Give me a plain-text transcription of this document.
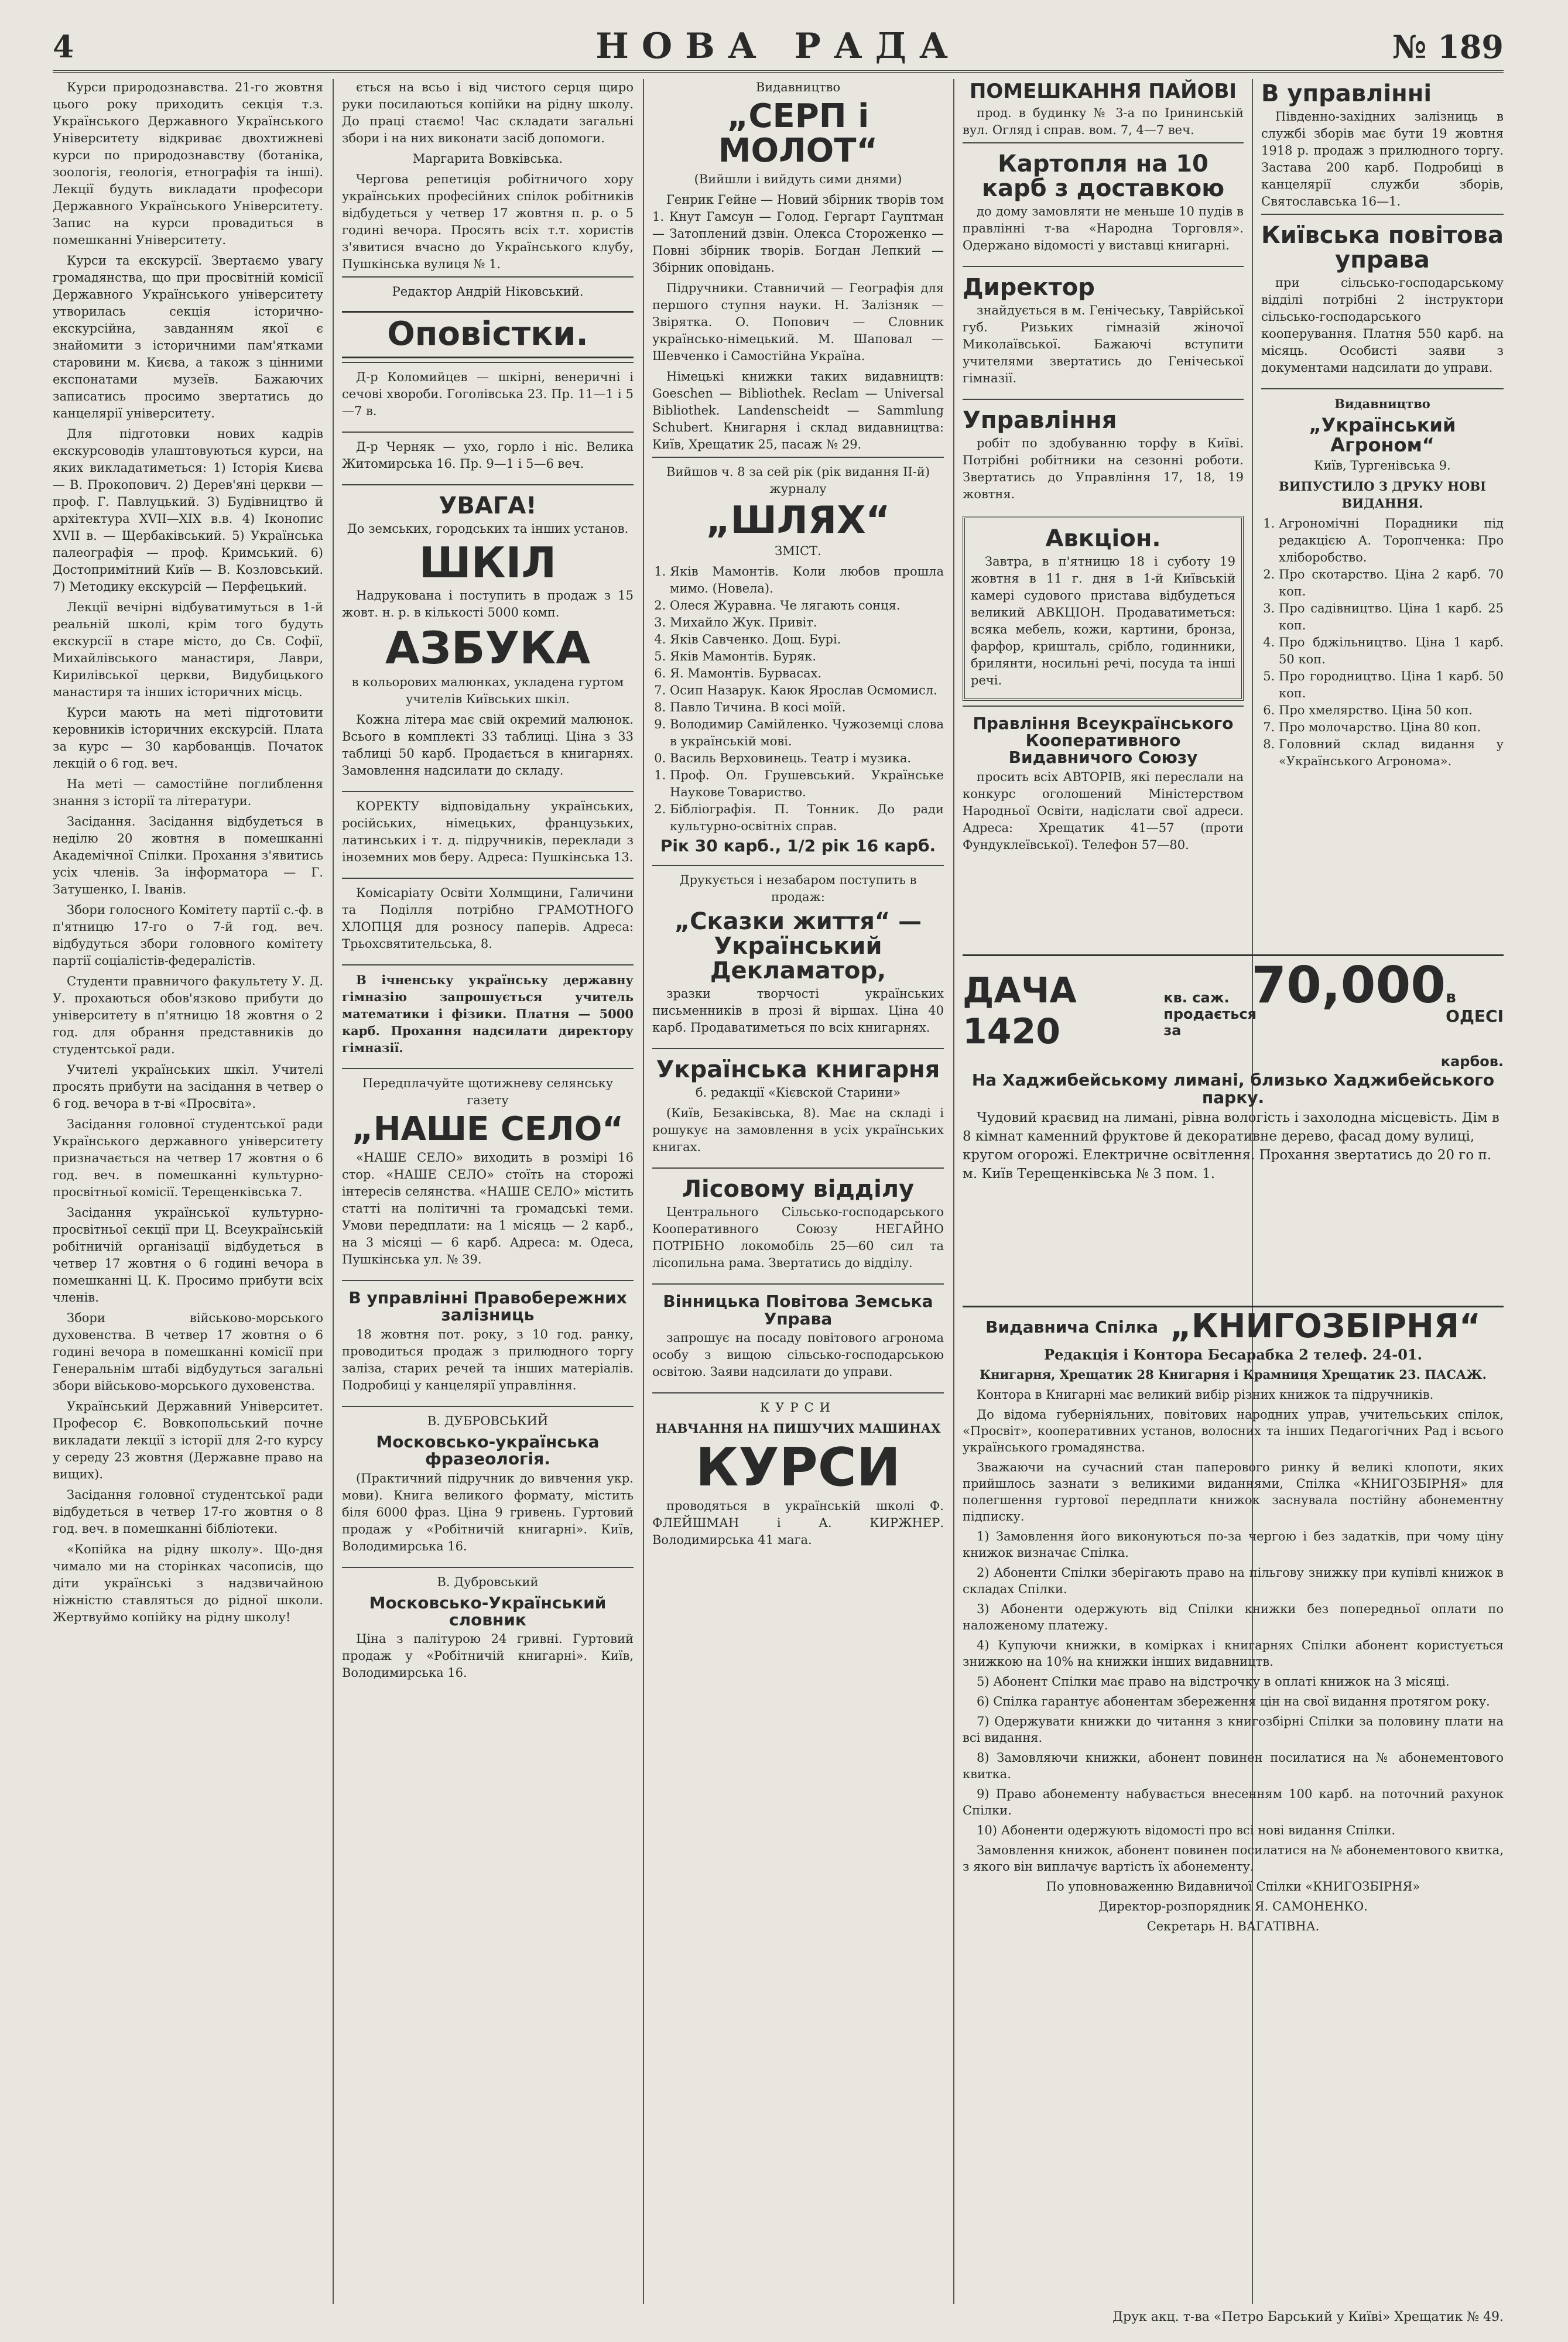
4	НОВА РАДА	№ 189

Курси природознавства. 21-го жовтня цього року приходить секція т.з. Українського Державного Українського Університету відкриває двохтижневі курси по природознавству (ботаніка, зоологія, геологія, етнографія та інші). Лекції будуть викладати професори Державного Українського Університету. Запис на курси провадиться в помешканні Університету.

Курси та екскурсії. Звертаємо увагу громадянства, що при просвітній комісії Державного Українського університету утворилась секція історично-екскурсійна, завданням якої є знайомити з історичними пам'ятками старовини м. Києва, а також з цінними експонатами музеїв. Бажаючих записатись просимо звертатись до канцелярії університету.

Для підготовки нових кадрів екскурсоводів улаштовуються курси, на яких викладатиметься: 1) Історія Києва — В. Прокопович. 2) Дерев'яні церкви — проф. Г. Павлуцький. 3) Будівництво й архітектура XVII—XIX в.в. 4) Іконопис XVII в. — Щербаківський. 5) Українська палеографія — проф. Кримський. 6) Достопримітний Київ — В. Козловський. 7) Методику екскурсій — Перфецький.

Лекції вечірні відбуватимуться в 1-й реальній школі, крім того будуть екскурсії в старе місто, до Св. Софії, Михайлівського манастиря, Лаври, Кирилівської церкви, Видубицького манастиря та інших історичних місць.

Курси мають на меті підготовити керовників історичних екскурсій. Плата за курс — 30 карбованців. Початок лекцій о 6 год. веч.

На меті — самостійне поглиблення знання з історії та літератури.

Засідання. Засідання відбудеться в неділю 20 жовтня в помешканні Академічної Спілки. Прохання з'явитись усіх членів. За інформатора — Г. Затушенко, І. Іванів.

Збори голосного Комітету партії с.-ф. в п'ятницю 17-го о 7-й год. веч. відбудуться збори головного комітету партії соціалістів-федералістів.

Студенти правничого факультету У. Д. У. прохаються обов'язково прибути до університету в п'ятницю 18 жовтня о 2 год. для обрання представників до студентської ради.

Учителі українських шкіл. Учителі просять прибути на засідання в четвер о 6 год. вечора в т-ві «Просвіта».

Засідання головної студентської ради Українського державного університету призначається на четвер 17 жовтня о 6 год. веч. в помешканні культурно-просвітньої комісії. Терещенківська 7.

Засідання української культурно-просвітньої секції при Ц. Всеукраїнській робітничій організації відбудеться в четвер 17 жовтня о 6 годині вечора в помешканні Ц. К. Просимо прибути всіх членів.

Збори військово-морського духовенства. В четвер 17 жовтня о 6 годині вечора в помешканні комісії при Генеральнім штабі відбудуться загальні збори військово-морського духовенства.

Український Державний Університет. Професор Є. Вовкопольський почне викладати лекції з історії для 2-го курсу у середу 23 жовтня (Державне право на вищих).

Засідання головної студентської ради відбудеться в четвер 17-го жовтня о 8 год. веч. в помешканні бібліотеки.

«Копійка на рідну школу». Що-дня чимало ми на сторінках часописів, що діти українські з надзвичайною ніжністю ставляться до рідної школи. Жертвуймо копійку на рідну школу!

ється на всьо і від чистого серця щиро руки посилаються копійки на рідну школу. До праці стаємо! Час складати загальні збори і на них виконати засіб допомоги.

Маргарита Вовківська.

Чергова репетиція робітничого хору українських професійних спілок робітників відбудеться у четвер 17 жовтня п. р. о 5 годині вечора. Просять всіх т.т. хористів з'явитися вчасно до Українського клубу, Пушкінська вулиця № 1.

Редактор Андрій Ніковський.

Оповістки.

Д-р Коломийцев — шкірні, венеричні і сечові хвороби. Гоголівська 23. Пр. 11—1 і 5—7 в.

Д-р Черняк — ухо, горло і ніс. Велика Житомирська 16. Пр. 9—1 і 5—6 веч.

УВАГА!

До земських, городських та інших установ.

ШКІЛ

Надрукована і поступить в продаж з 15 жовт. н. р. в кількості 5000 комп.

АЗБУКА

в кольорових малюнках, укладена гуртом учителів Київських шкіл.

Кожна літера має свій окремий малюнок. Всього в комплекті 33 таблиці. Ціна з 33 таблиці 50 карб. Продається в книгарнях. Замовлення надсилати до складу.

КОРЕКТУ відповідальну українських, російських, німецьких, французьких, латинських і т. д. підручників, переклади з іноземних мов беру. Адреса: Пушкінська 13.

Комісаріату Освіти Холмщини, Галичини та Поділля потрібно ГРАМОТНОГО ХЛОПЦЯ для розносу паперів. Адреса: Трьохсвятительська, 8.

В ічненську українську державну гімназію запрошується учитель математики і фізики. Платня — 5000 карб. Прохання надсилати директору гімназії.

Передплачуйте щотижневу селянську газету

„НАШЕ СЕЛО“

«НАШЕ СЕЛО» виходить в розмірі 16 стор. «НАШЕ СЕЛО» стоїть на сторожі інтересів селянства. «НАШЕ СЕЛО» містить статті на політичні та громадські теми. Умови передплати: на 1 місяць — 2 карб., на 3 місяці — 6 карб. Адреса: м. Одеса, Пушкінська ул. № 39.

В управлінні Правобережних залізниць

18 жовтня пот. року, з 10 год. ранку, проводиться продаж з прилюдного торгу заліза, старих речей та інших матеріалів. Подробиці у канцелярії управління.

В. ДУБРОВСЬКИЙ

Московсько-українська фразеологія.

(Практичний підручник до вивчення укр. мови). Книга великого формату, містить біля 6000 фраз. Ціна 9 гривень. Гуртовий продаж у «Робітничій книгарні». Київ, Володимирська 16.

В. Дубровський

Московсько-Український словник

Ціна з палітурою 24 гривні. Гуртовий продаж у «Робітничій книгарні». Київ, Володимирська 16.

Видавництво

„СЕРП і МОЛОТ“

(Вийшли і вийдуть сими днями)

Генрик Гейне — Новий збірник творів том 1. Кнут Гамсун — Голод. Гергарт Гауптман — Затоплений дзвін. Олекса Стороженко — Повні збірник творів. Богдан Лепкий — Збірник оповідань.

Підручники. Ставничий — Географія для першого ступня науки. Н. Залізняк — Звірятка. О. Попович — Словник українсько-німецький. М. Шаповал — Шевченко і Самостійна Україна.

Німецькі книжки таких видавництв: Goeschen — Bibliothek. Reclam — Universal Bibliothek. Landenscheidt — Sammlung Schubert. Книгарня і склад видавництва: Київ, Хрещатик 25, пасаж № 29.

Вийшов ч. 8 за сей рік (рік видання II-й) журналу

„ШЛЯХ“

ЗМІСТ.

1. Яків Мамонтів. Коли любов прошла мимо. (Новела).
2. Олеся Журавна. Че лягають сонця.
3. Михайло Жук. Привіт.
4. Яків Савченко. Дощ. Бурі.
5. Яків Мамонтів. Буряк.
6. Я. Мамонтів. Бурвасах.
7. Осип Назарук. Каюк Ярослав Осмомисл.
8. Павло Тичина. В косі моїй.
9. Володимир Самійленко. Чужоземці слова в українській мові.
10. Василь Верховинець. Театр і музика.
11. Проф. Ол. Грушевський. Українське Наукове Товариство.
12. Бібліографія. П. Тонник. До ради культурно-освітніх справ.
Рік 30 карб., 1/2 рік 16 карб.

Друкується і незабаром поступить в продаж:

„Сказки життя“ — Український Декламатор,

зразки творчості українських письменників в прозі й віршах. Ціна 40 карб. Продаватиметься по всіх книгарнях.

Українська книгарня

б. редакції «Кієвской Старини»

(Київ, Безаківська, 8). Має на складі і рошукує на замовлення в усіх українських книгах.

Лісовому відділу

Центрального Сільсько-господарського Кооперативного Союзу НЕГАЙНО ПОТРІБНО локомобіль 25—60 сил та лісопильна рама. Звертатись до відділу.

Вінницька Повітова Земська Управа

запрошує на посаду повітового агронома особу з вищою сільсько-господарською освітою. Заяви надсилати до управи.

КУРСИ

НАВЧАННЯ НА ПИШУЧИХ МАШИНАХ

КУРСИ

проводяться в українській школі Ф. ФЛЕЙШМАН і А. КИРЖНЕР. Володимирська 41 мага.

ПОМЕШКАННЯ ПАЙОВІ

прод. в будинку № 3-а по Ірининській вул. Огляд і справ. вом. 7, 4—7 веч.

Картопля на 10 карб з доставкою

до дому замовляти не меньше 10 пудів в правлінні т-ва «Народна Торговля». Одержано відомості у виставці книгарні.

Директор

знайдується в м. Генічеську, Таврійської губ. Ризьких гімназій жіночої Миколаївської. Бажаючі вступити учителями звертатись до Генічеської гімназії.

Управління

робіт по здобуванню торфу в Київі. Потрібні робітники на сезонні роботи. Звертатись до Управління 17, 18, 19 жовтня.

Авкціон.

Завтра, в п'ятницю 18 і суботу 19 жовтня в 11 г. дня в 1-й Київській камері судового пристава відбудеться великий АВКЦІОН. Продаватиметься: всяка мебель, кожи, картини, бронза, фарфор, кришталь, срібло, годинники, брилянти, носильні речі, посуда та інші речі.

Правління Всеукраїнського Кооперативного Видавничого Союзу

просить всіх АВТОРІВ, які переслали на конкурс оголошений Міністерством Народньої Освіти, надіслати свої адреси. Адреса: Хрещатик 41—57 (проти Фундуклеївської). Телефон 57—80.

В управлінні

Південно-західних залізниць в службі зборів має бути 19 жовтня 1918 р. продаж з прилюдного торгу. Застава 200 карб. Подробиці в канцелярії служби зборів, Святославська 16—1.

Київська повітова управа

при сільсько-господарському відділі потрібні 2 інструктори сільсько-господарського кооперування. Платня 550 карб. на місяць. Особисті заяви з документами надсилати до управи.

Видавництво

„Український Агроном“

Київ, Тургенівська 9.

ВИПУСТИЛО З ДРУКУ НОВІ ВИДАННЯ.

1. Агрономічні Порадники під редакцією А. Торопченка: Про хліборобство.
2. Про скотарство. Ціна 2 карб. 70 коп.
3. Про садівництво. Ціна 1 карб. 25 коп.
4. Про бджільництво. Ціна 1 карб. 50 коп.
5. Про городництво. Ціна 1 карб. 50 коп.
6. Про хмелярство. Ціна 50 коп.
7. Про молочарство. Ціна 80 коп.
8. Головний склад видання у «Українського Агронома».
ДАЧА 1420
кв. саж. продається за
70,000 в ОДЕСІ
карбов.
На Хаджибейському лимані, близько Хаджибейського парку.

Чудовий краєвид на лимані, рівна вологість і захолодна місцевість. Дім в 8 кімнат каменний фруктове й декоративне дерево, фасад дому вулиці, кругом огорожі. Електричне освітлення. Прохання звертатись до 20 го п. м. Київ Терещенківська № 3 пом. 1.

Видавнича Спілка „КНИГОЗБІРНЯ“

Редакція і Контора Бесарабка 2 телеф. 24-01.

Книгарня, Хрещатик 28 Книгарня і Крамниця Хрещатик 23. ПАСАЖ.

Контора в Книгарні має великий вибір різних книжок та підручників.

До відома губерніяльних, повітових народних управ, учительських спілок, «Просвіт», кооперативних установ, волосних та інших Педагогічних Рад і всього українського громадянства.

Зважаючи на сучасний стан паперового ринку й великі клопоти, яких прийшлось зазнати з великими виданнями, Спілка «КНИГОЗБІРНЯ» для полегшення гуртової передплати книжок заснувала постійну абонементну підписку.

1) Замовлення його виконуються по-за чергою і без задатків, при чому ціну книжок визначає Спілка.

2) Абоненти Спілки зберігають право на пільгову знижку при купівлі книжок в складах Спілки.

3) Абоненти одержують від Спілки книжки без попередньої оплати по наложеному платежу.

4) Купуючи книжки, в комірках і книгарнях Спілки абонент користується знижкою на 10% на книжки інших видавництв.

5) Абонент Спілки має право на відстрочку в оплаті книжок на 3 місяці.

6) Спілка гарантує абонентам збереження цін на свої видання протягом року.

7) Одержувати книжки до читання з книгозбірні Спілки за половину плати на всі видання.

8) Замовляючи книжки, абонент повинен посилатися на № абонементового квитка.

9) Право абонементу набувається внесенням 100 карб. на поточний рахунок Спілки.

10) Абоненти одержують відомості про всі нові видання Спілки.

Замовлення книжок, абонент повинен посилатися на № абонементового квитка, з якого він виплачує вартість їх абонементу.

По уповноваженню Видавничої Спілки «КНИГОЗБІРНЯ»

Директор-розпорядник Я. САМОНЕНКО.

Секретарь Н. ВАГАТІВНА.

Друк акц. т-ва «Петро Барський у Київі» Хрещатик № 49.
